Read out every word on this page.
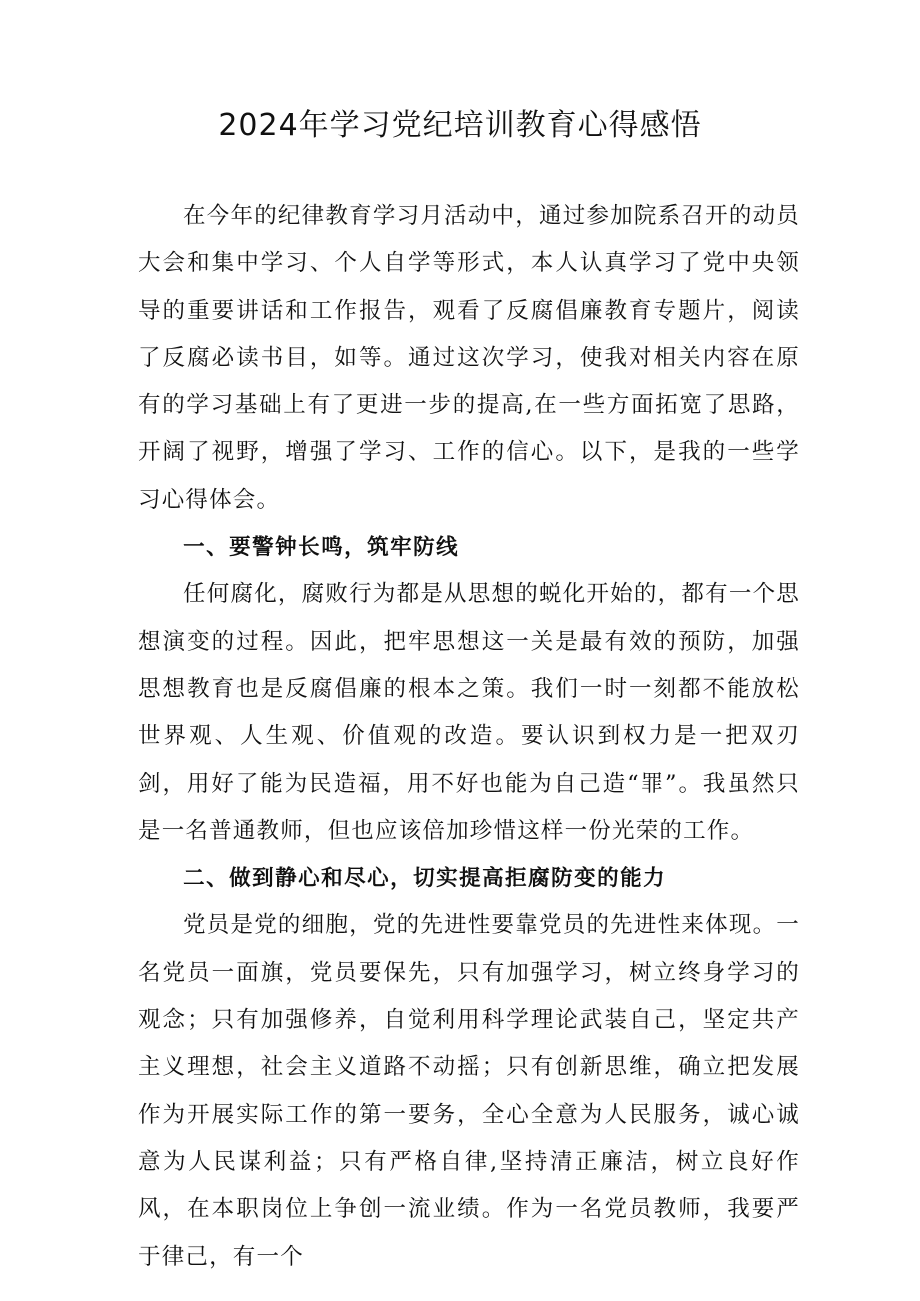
2024年学习党纪培训教育心得感悟

在今年的纪律教育学习月活动中，通过参加院系召开的动员大会和集中学习、个人自学等形式，本人认真学习了党中央领导的重要讲话和工作报告，观看了反腐倡廉教育专题片，阅读了反腐必读书目，如等。通过这次学习，使我对相关内容在原有的学习基础上有了更进一步的提高,在一些方面拓宽了思路，开阔了视野，增强了学习、工作的信心。以下，是我的一些学习心得体会。

一、要警钟长鸣，筑牢防线

任何腐化，腐败行为都是从思想的蜕化开始的，都有一个思想演变的过程。因此，把牢思想这一关是最有效的预防，加强思想教育也是反腐倡廉的根本之策。我们一时一刻都不能放松世界观、人生观、价值观的改造。要认识到权力是一把双刃剑，用好了能为民造福，用不好也能为自己造“罪”。我虽然只是一名普通教师，但也应该倍加珍惜这样一份光荣的工作。

二、做到静心和尽心，切实提高拒腐防变的能力

党员是党的细胞，党的先进性要靠党员的先进性来体现。一名党员一面旗，党员要保先，只有加强学习，树立终身学习的观念；只有加强修养，自觉利用科学理论武装自己，坚定共产主义理想，社会主义道路不动摇；只有创新思维，确立把发展作为开展实际工作的第一要务，全心全意为人民服务，诚心诚意为人民谋利益；只有严格自律,坚持清正廉洁，树立良好作风，在本职岗位上争创一流业绩。作为一名党员教师，我要严于律己，有一个
